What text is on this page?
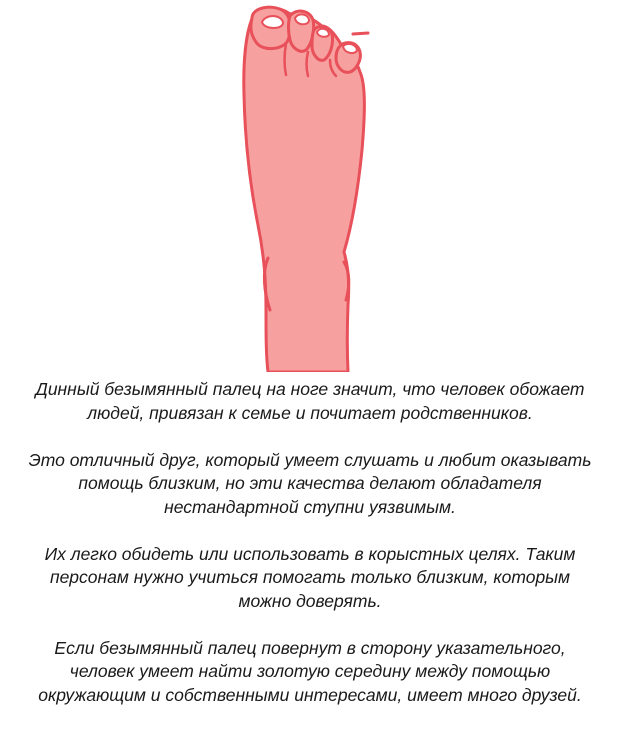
Динный безымянный палец на ноге значит, что человек обожает
людей, привязан к семье и почитает родственников.

Это отличный друг, который умеет слушать и любит оказывать
помощь близким, но эти качества делают обладателя
нестандартной ступни уязвимым.

Их легко обидеть или использовать в корыстных целях. Таким
персонам нужно учиться помогать только близким, которым
можно доверять.

Если безымянный палец повернут в сторону указательного,
человек умеет найти золотую середину между помощью
окружающим и собственными интересами, имеет много друзей.
